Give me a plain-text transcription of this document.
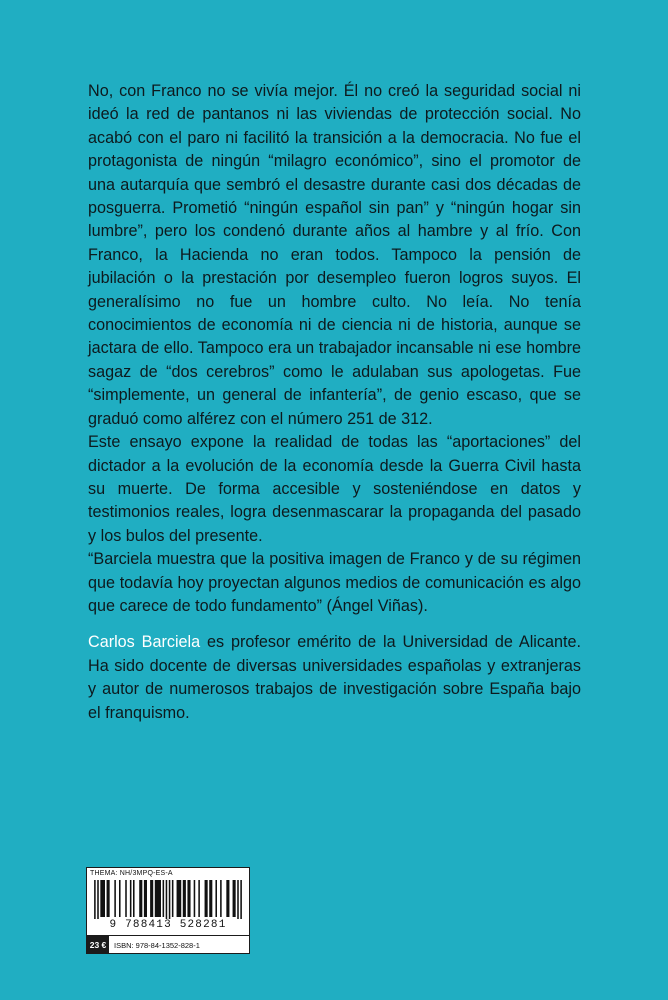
No, con Franco no se vivía mejor. Él no creó la seguridad social ni ideó la red de pantanos ni las viviendas de protección social. No acabó con el paro ni facilitó la transición a la democracia. No fue el protagonista de ningún “milagro económico”, sino el promotor de una autarquía que sembró el desastre durante casi dos décadas de posguerra. Prometió “ningún español sin pan” y “ningún hogar sin lumbre”, pero los condenó durante años al hambre y al frío. Con Franco, la Hacienda no eran todos. Tampoco la pensión de jubilación o la prestación por desempleo fueron logros suyos. El generalísimo no fue un hombre culto. No leía. No tenía conocimientos de economía ni de ciencia ni de historia, aunque se jactara de ello. Tampoco era un trabajador incansable ni ese hombre sagaz de “dos cerebros” como le adulaban sus apologetas. Fue “simplemente, un general de infantería”, de genio escaso, que se graduó como alférez con el número 251 de 312.

Este ensayo expone la realidad de todas las “aportaciones” del dictador a la evolución de la economía desde la Guerra Civil hasta su muerte. De forma accesible y sosteniéndose en datos y testimonios reales, logra desenmascarar la propaganda del pasado y los bulos del presente.

“Barciela muestra que la positiva imagen de Franco y de su régimen que todavía hoy proyectan algunos medios de comunicación es algo que carece de todo fundamento” (Ángel Viñas).

Carlos Barciela es profesor emérito de la Universidad de Alicante. Ha sido docente de diversas universidades españolas y extranjeras y autor de numerosos trabajos de investigación sobre España bajo el franquismo.

THEMA: NH/3MPQ-ES-A
9 788413 528281
23 €	ISBN: 978-84-1352-828-1
